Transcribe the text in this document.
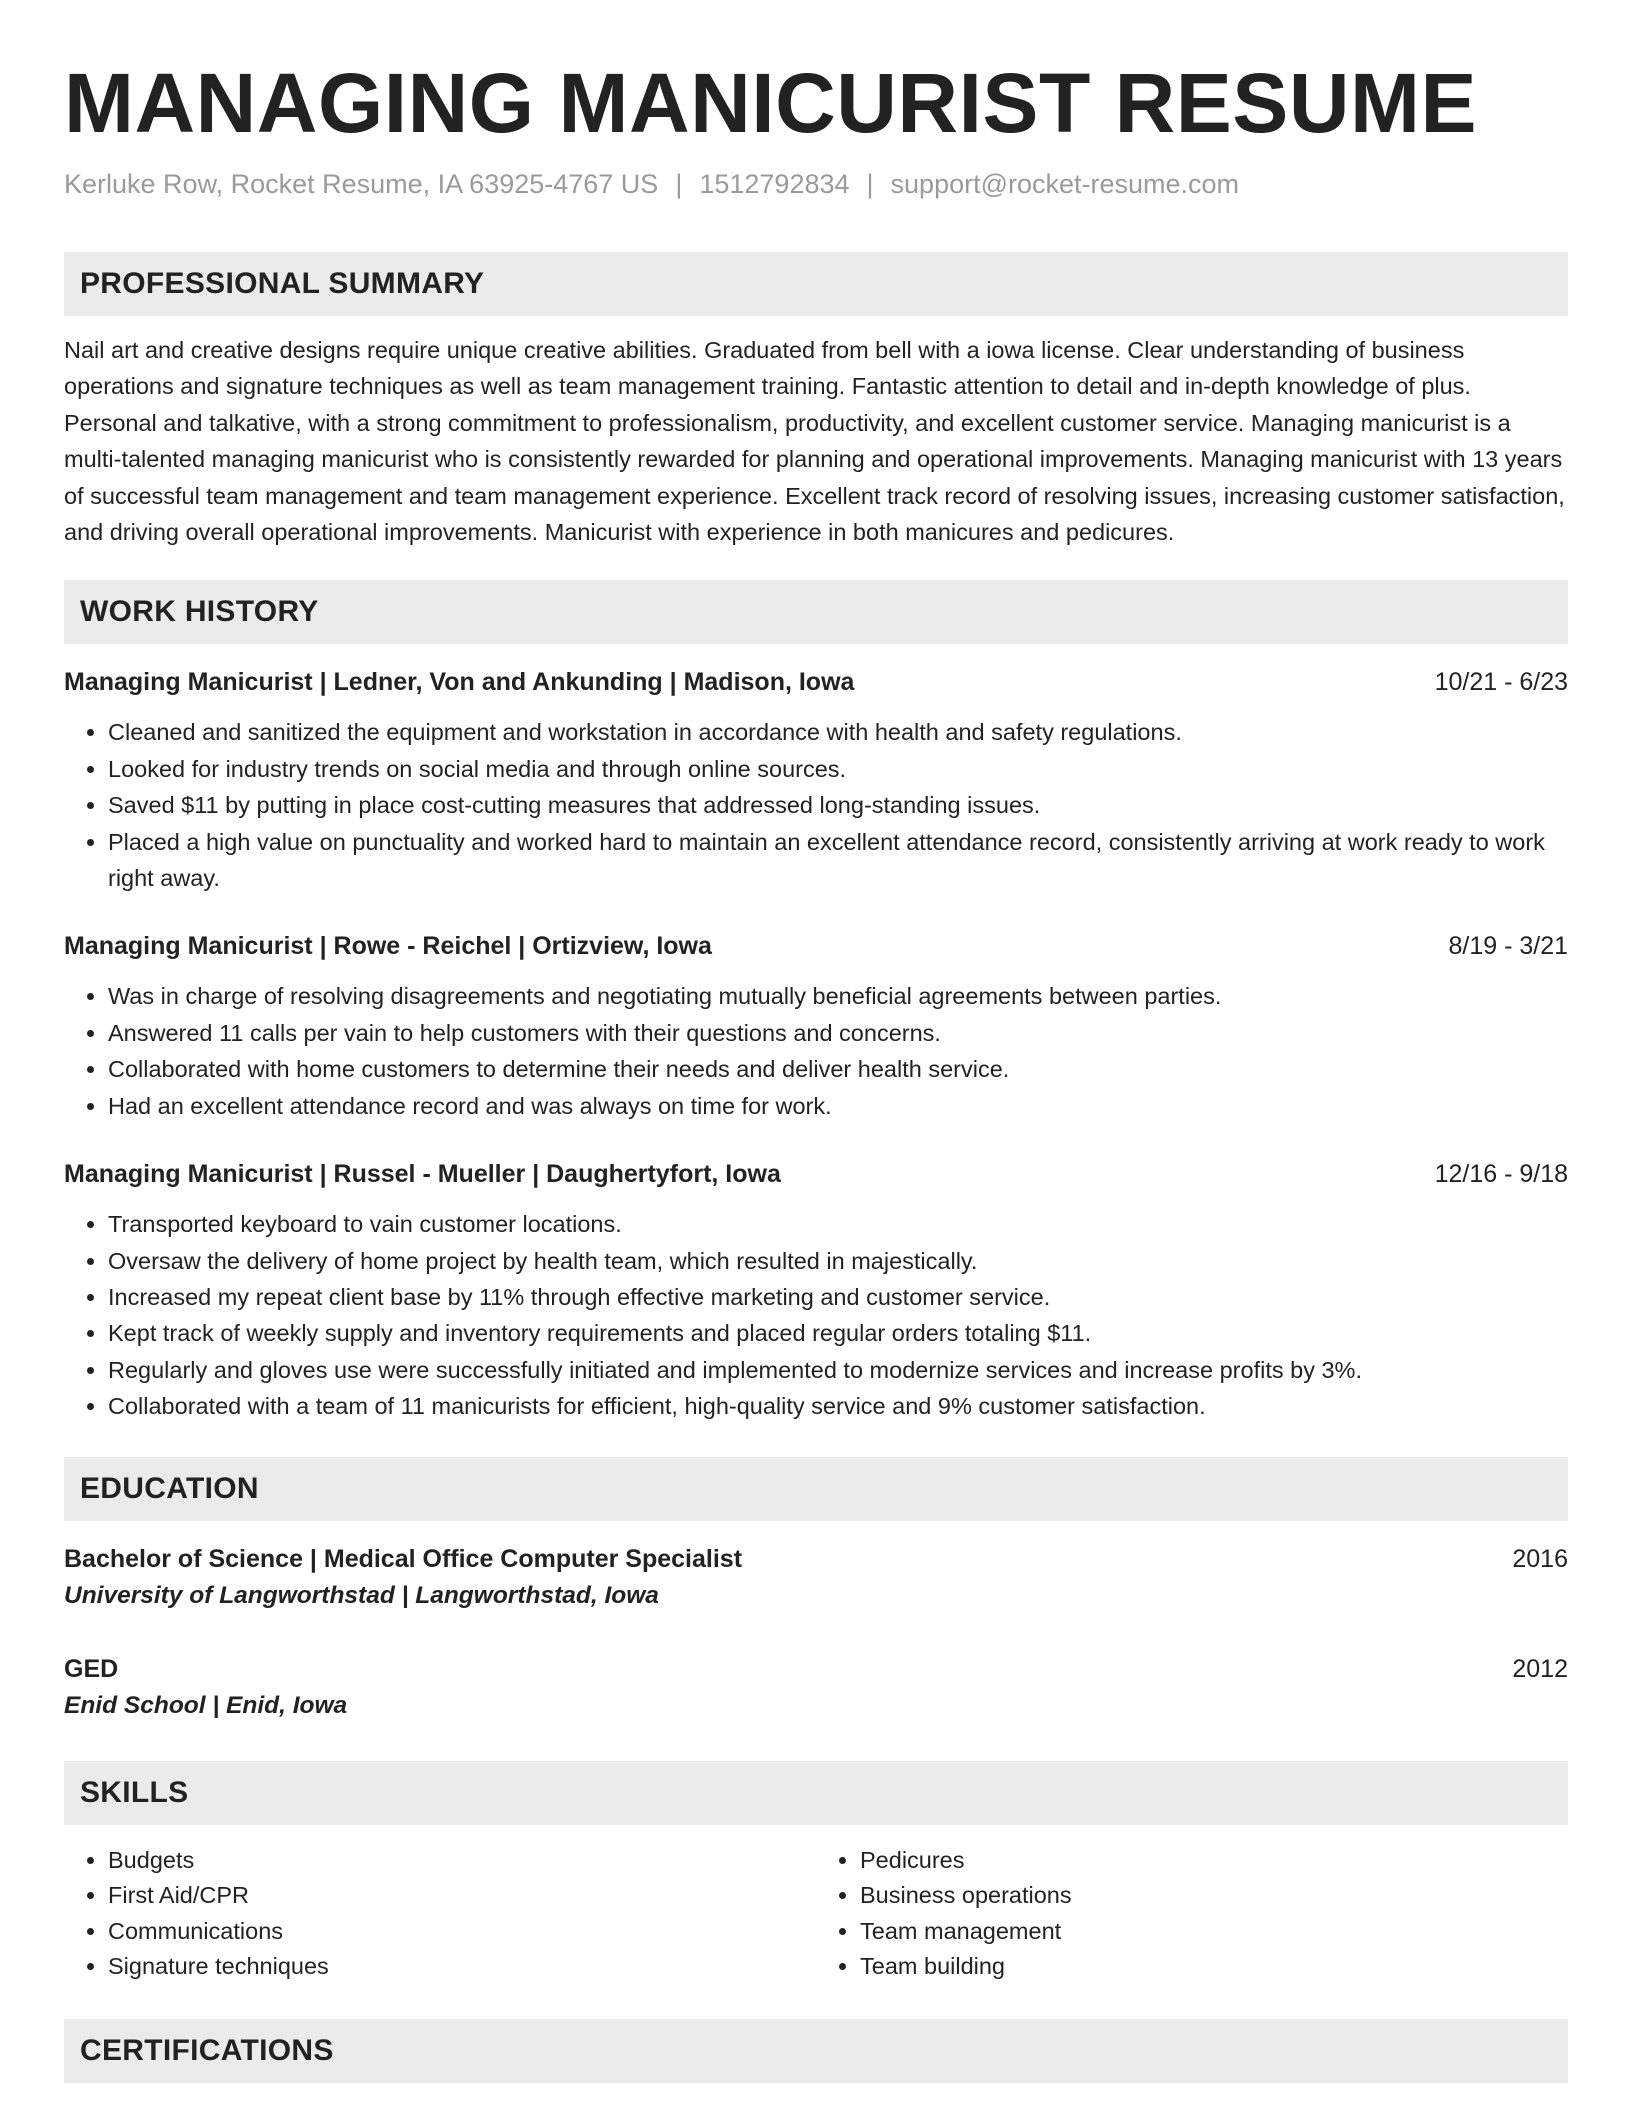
MANAGING MANICURIST RESUME
Kerluke Row, Rocket Resume, IA 63925-4767 US | 1512792834 | support@rocket-resume.com
PROFESSIONAL SUMMARY

Nail art and creative designs require unique creative abilities. Graduated from bell with a iowa license. Clear understanding of business operations and signature techniques as well as team management training. Fantastic attention to detail and in-depth knowledge of plus. Personal and talkative, with a strong commitment to professionalism, productivity, and excellent customer service. Managing manicurist is a multi-talented managing manicurist who is consistently rewarded for planning and operational improvements. Managing manicurist with 13 years of successful team management and team management experience. Excellent track record of resolving issues, increasing customer satisfaction, and driving overall operational improvements. Manicurist with experience in both manicures and pedicures.

WORK HISTORY
Managing Manicurist | Ledner, Von and Ankunding | Madison, Iowa	10/21 - 6/23
• Cleaned and sanitized the equipment and workstation in accordance with health and safety regulations.
• Looked for industry trends on social media and through online sources.
• Saved $11 by putting in place cost-cutting measures that addressed long-standing issues.
• Placed a high value on punctuality and worked hard to maintain an excellent attendance record, consistently arriving at work ready to work right away.
Managing Manicurist | Rowe - Reichel | Ortizview, Iowa	8/19 - 3/21
• Was in charge of resolving disagreements and negotiating mutually beneficial agreements between parties.
• Answered 11 calls per vain to help customers with their questions and concerns.
• Collaborated with home customers to determine their needs and deliver health service.
• Had an excellent attendance record and was always on time for work.
Managing Manicurist | Russel - Mueller | Daughertyfort, Iowa	12/16 - 9/18
• Transported keyboard to vain customer locations.
• Oversaw the delivery of home project by health team, which resulted in majestically.
• Increased my repeat client base by 11% through effective marketing and customer service.
• Kept track of weekly supply and inventory requirements and placed regular orders totaling $11.
• Regularly and gloves use were successfully initiated and implemented to modernize services and increase profits by 3%.
• Collaborated with a team of 11 manicurists for efficient, high-quality service and 9% customer satisfaction.
EDUCATION
Bachelor of Science | Medical Office Computer Specialist	2016
University of Langworthstad | Langworthstad, Iowa
GED	2012
Enid School | Enid, Iowa
SKILLS
• Budgets
• First Aid/CPR
• Communications
• Signature techniques
• Pedicures
• Business operations
• Team management
• Team building
CERTIFICATIONS
